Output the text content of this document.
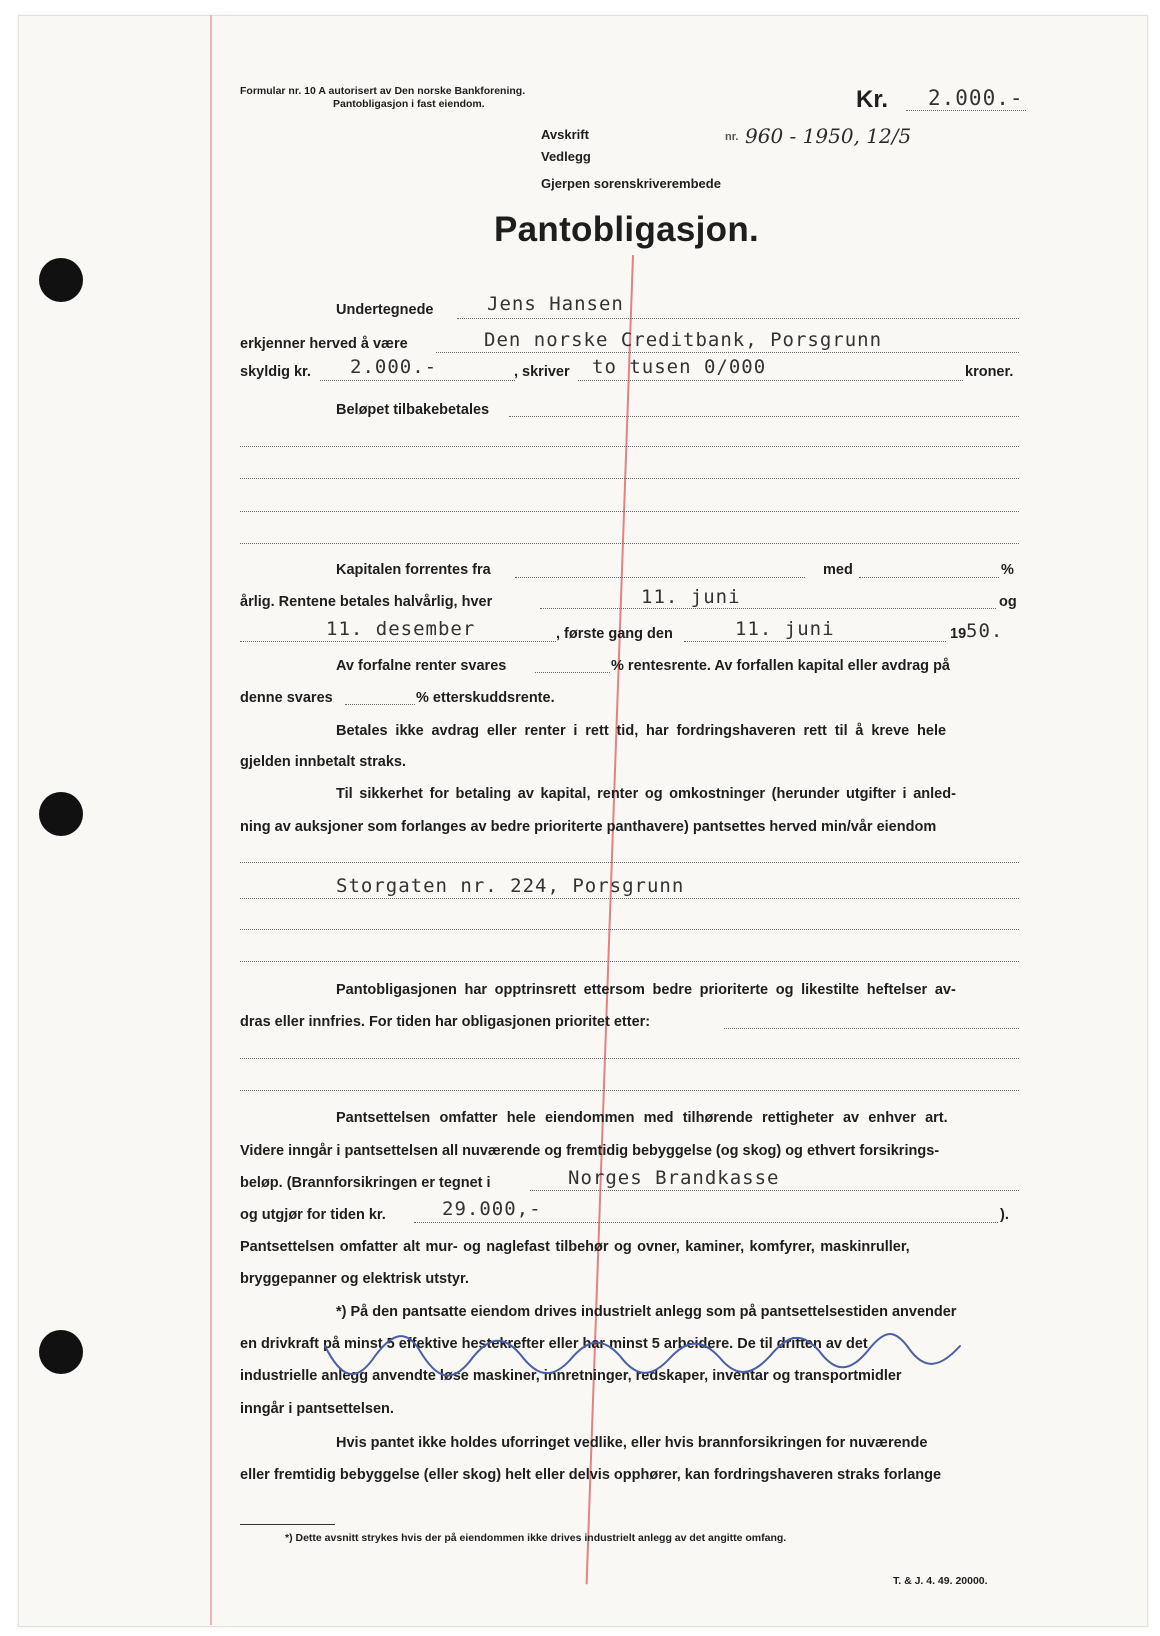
Formular nr. 10 A autorisert av Den norske Bankforening.
Pantobligasjon i fast eiendom.	Kr. 2.000.-
Avskrift	nr. 960 - 1950, 12/5
Vedlegg
Gjerpen sorenskriverembede
Pantobligasjon.
Undertegnede	Jens Hansen
erkjenner herved å være	Den norske Creditbank, Porsgrunn
skyldig kr. 2.000.-	, skriver to tusen 0/000	kroner.
Beløpet tilbakebetales
Kapitalen forrentes fra	med	%
årlig. Rentene betales halvårlig, hver	11. juni	og
11. desember	, første gang den	11. juni	19 50.
Av forfalne renter svares	% rentesrente. Av forfallen kapital eller avdrag på
denne svares	% etterskuddsrente.
Betales ikke avdrag eller renter i rett tid, har fordringshaveren rett til å kreve hele
gjelden innbetalt straks.
Til sikkerhet for betaling av kapital, renter og omkostninger (herunder utgifter i anled-
ning av auksjoner som forlanges av bedre prioriterte panthavere) pantsettes herved min/vår eiendom
Storgaten nr. 224, Porsgrunn
Pantobligasjonen har opptrinsrett ettersom bedre prioriterte og likestilte heftelser av-
dras eller innfries. For tiden har obligasjonen prioritet etter:
Pantsettelsen omfatter hele eiendommen med tilhørende rettigheter av enhver art.
Videre inngår i pantsettelsen all nuværende og fremtidig bebyggelse (og skog) og ethvert forsikrings-
beløp. (Brannforsikringen er tegnet i	Norges Brandkasse
og utgjør for tiden kr.	29.000,-	).
Pantsettelsen omfatter alt mur- og naglefast tilbehør og ovner, kaminer, komfyrer, maskinruller,
bryggepanner og elektrisk utstyr.
*) På den pantsatte eiendom drives industrielt anlegg som på pantsettelsestiden anvender
en drivkraft på minst 5 effektive hestekrefter eller har minst 5 arbeidere. De til driften av det
industrielle anlegg anvendte løse maskiner, innretninger, redskaper, inventar og transportmidler
inngår i pantsettelsen.
Hvis pantet ikke holdes uforringet vedlike, eller hvis brannforsikringen for nuværende
eller fremtidig bebyggelse (eller skog) helt eller delvis opphører, kan fordringshaveren straks forlange
*) Dette avsnitt strykes hvis der på eiendommen ikke drives industrielt anlegg av det angitte omfang.
T. & J. 4. 49. 20000.
